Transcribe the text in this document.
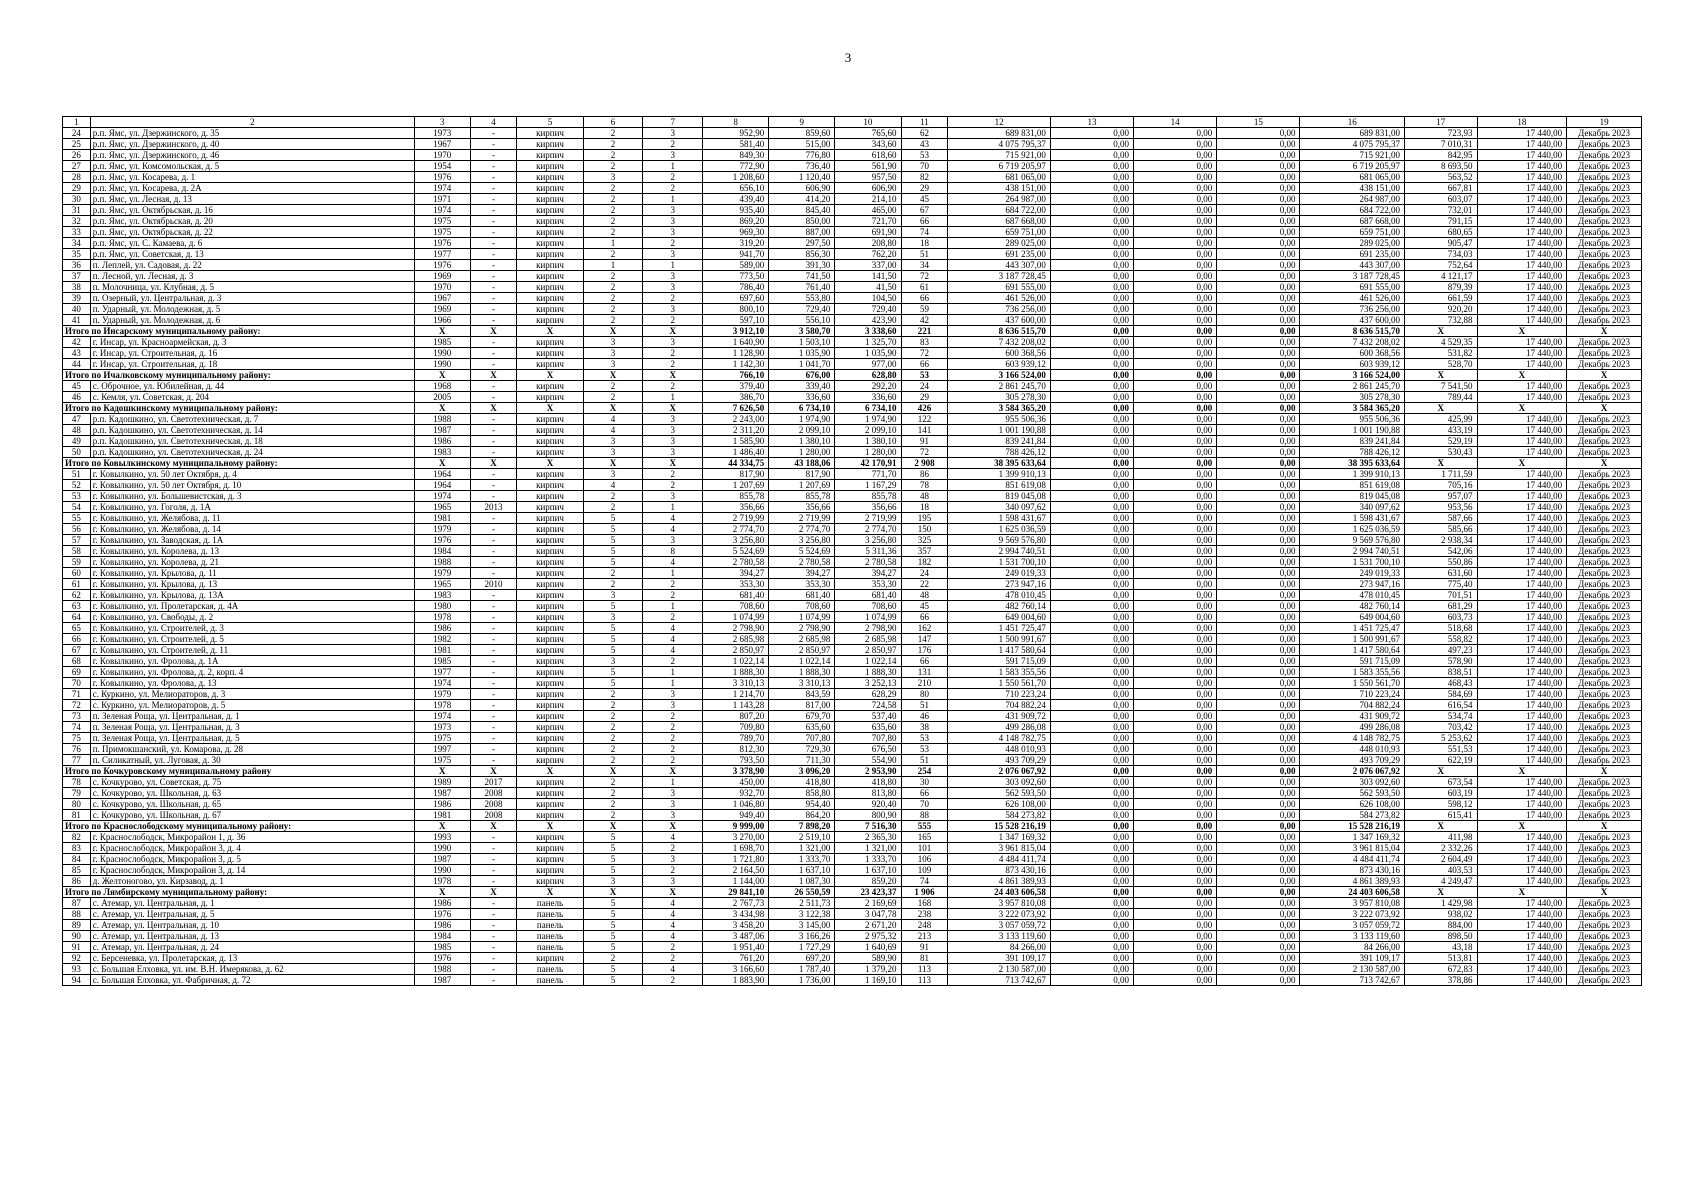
3
1	2	3	4	5	6	7	8	9	10	11	12	13	14	15	16	17	18	19
24	р.п. Ямс, ул. Дзержинского, д. 35	1973	-	кирпич	2	3	952,90	859,60	765,60	62	689 831,00	0,00	0,00	0,00	689 831,00	723,93	17 440,00	Декабрь 2023
25	р.п. Ямс, ул. Дзержинского, д. 40	1967	-	кирпич	2	2	581,40	515,00	343,60	43	4 075 795,37	0,00	0,00	0,00	4 075 795,37	7 010,31	17 440,00	Декабрь 2023
26	р.п. Ямс, ул. Дзержинского, д. 46	1970	-	кирпич	2	3	849,30	776,80	618,60	53	715 921,00	0,00	0,00	0,00	715 921,00	842,95	17 440,00	Декабрь 2023
27	р.п. Ямс, ул. Комсомольская, д. 5	1954	-	кирпич	2	1	772,90	736,40	561,90	70	6 719 205,97	0,00	0,00	0,00	6 719 205,97	8 693,50	17 440,00	Декабрь 2023
28	р.п. Ямс, ул. Косарева, д. 1	1976	-	кирпич	3	2	1 208,60	1 120,40	957,50	82	681 065,00	0,00	0,00	0,00	681 065,00	563,52	17 440,00	Декабрь 2023
29	р.п. Ямс, ул. Косарева, д. 2А	1974	-	кирпич	2	2	656,10	606,90	606,90	29	438 151,00	0,00	0,00	0,00	438 151,00	667,81	17 440,00	Декабрь 2023
30	р.п. Ямс, ул. Лесная, д. 13	1971	-	кирпич	2	1	439,40	414,20	214,10	45	264 987,00	0,00	0,00	0,00	264 987,00	603,07	17 440,00	Декабрь 2023
31	р.п. Ямс, ул. Октябрьская, д. 16	1974	-	кирпич	2	3	935,40	845,40	465,00	67	684 722,00	0,00	0,00	0,00	684 722,00	732,01	17 440,00	Декабрь 2023
32	р.п. Ямс, ул. Октябрьская, д. 20	1975	-	кирпич	2	3	869,20	850,00	721,70	66	687 668,00	0,00	0,00	0,00	687 668,00	791,15	17 440,00	Декабрь 2023
33	р.п. Ямс, ул. Октябрьская, д. 22	1975	-	кирпич	2	3	969,30	887,00	691,90	74	659 751,00	0,00	0,00	0,00	659 751,00	680,65	17 440,00	Декабрь 2023
34	р.п. Ямс, ул. С. Камаева, д. 6	1976	-	кирпич	1	2	319,20	297,50	208,80	18	289 025,00	0,00	0,00	0,00	289 025,00	905,47	17 440,00	Декабрь 2023
35	р.п. Ямс, ул. Советская, д. 13	1977	-	кирпич	2	3	941,70	856,30	762,20	51	691 235,00	0,00	0,00	0,00	691 235,00	734,03	17 440,00	Декабрь 2023
36	п. Леплей, ул. Садовая, д. 22	1976	-	кирпич	1	1	589,00	391,30	337,00	34	443 307,00	0,00	0,00	0,00	443 307,00	752,64	17 440,00	Декабрь 2023
37	п. Лесной, ул. Лесная, д. 3	1969	-	кирпич	2	3	773,50	741,50	141,50	72	3 187 728,45	0,00	0,00	0,00	3 187 728,45	4 121,17	17 440,00	Декабрь 2023
38	п. Молочница, ул. Клубная, д. 5	1970	-	кирпич	2	3	786,40	761,40	41,50	61	691 555,00	0,00	0,00	0,00	691 555,00	879,39	17 440,00	Декабрь 2023
39	п. Озерный, ул. Центральная, д. 3	1967	-	кирпич	2	2	697,60	553,80	104,50	66	461 526,00	0,00	0,00	0,00	461 526,00	661,59	17 440,00	Декабрь 2023
40	п. Ударный, ул. Молодежная, д. 5	1969	-	кирпич	2	3	800,10	729,40	729,40	59	736 256,00	0,00	0,00	0,00	736 256,00	920,20	17 440,00	Декабрь 2023
41	п. Ударный, ул. Молодежная, д. 6	1966	-	кирпич	2	2	597,10	556,10	423,90	42	437 600,00	0,00	0,00	0,00	437 600,00	732,88	17 440,00	Декабрь 2023
Итого по Инсарскому муниципальному району:		X	X	X	X	X	3 912,10	3 580,70	3 338,60	221	8 636 515,70	0,00	0,00	0,00	8 636 515,70	X	X	X
42	г. Инсар, ул. Красноармейская, д. 3	1985	-	кирпич	3	3	1 640,90	1 503,10	1 325,70	83	7 432 208,02	0,00	0,00	0,00	7 432 208,02	4 529,35	17 440,00	Декабрь 2023
43	г. Инсар, ул. Строительная, д. 16	1990	-	кирпич	3	2	1 128,90	1 035,90	1 035,90	72	600 368,56	0,00	0,00	0,00	600 368,56	531,82	17 440,00	Декабрь 2023
44	г. Инсар, ул. Строительная, д. 18	1990	-	кирпич	3	2	1 142,30	1 041,70	977,00	66	603 939,12	0,00	0,00	0,00	603 939,12	528,70	17 440,00	Декабрь 2023
Итого по Ичалковскому муниципальному району:		X	X	X	X	X	766,10	676,00	628,80	53	3 166 524,00	0,00	0,00	0,00	3 166 524,00	X	X	X
45	с. Оброчное, ул. Юбилейная, д. 44	1968	-	кирпич	2	2	379,40	339,40	292,20	24	2 861 245,70	0,00	0,00	0,00	2 861 245,70	7 541,50	17 440,00	Декабрь 2023
46	с. Кемля, ул. Советская, д. 204	2005	-	кирпич	2	1	386,70	336,60	336,60	29	305 278,30	0,00	0,00	0,00	305 278,30	789,44	17 440,00	Декабрь 2023
Итого по Кадошкинскому муниципальному району:		X	X	X	X	X	7 626,50	6 734,10	6 734,10	426	3 584 365,20	0,00	0,00	0,00	3 584 365,20	X	X	X
47	р.п. Кадошкино, ул. Светотехническая, д. 7	1988	-	кирпич	4	3	2 243,00	1 974,90	1 974,90	122	955 506,36	0,00	0,00	0,00	955 506,36	425,99	17 440,00	Декабрь 2023
48	р.п. Кадошкино, ул. Светотехническая, д. 14	1987	-	кирпич	4	3	2 311,20	2 099,10	2 099,10	141	1 001 190,88	0,00	0,00	0,00	1 001 190,88	433,19	17 440,00	Декабрь 2023
49	р.п. Кадошкино, ул. Светотехническая, д. 18	1986	-	кирпич	3	3	1 585,90	1 380,10	1 380,10	91	839 241,84	0,00	0,00	0,00	839 241,84	529,19	17 440,00	Декабрь 2023
50	р.п. Кадошкино, ул. Светотехническая, д. 24	1983	-	кирпич	3	3	1 486,40	1 280,00	1 280,00	72	788 426,12	0,00	0,00	0,00	788 426,12	530,43	17 440,00	Декабрь 2023
Итого по Ковылкинскому муниципальному району:		X	X	X	X	X	44 334,75	43 188,06	42 170,91	2 908	38 395 633,64	0,00	0,00	0,00	38 395 633,64	X	X	X
51	г. Ковылкино, ул. 50 лет Октября, д. 4	1964	-	кирпич	3	2	817,90	817,90	771,70	86	1 399 910,13	0,00	0,00	0,00	1 399 910,13	1 711,59	17 440,00	Декабрь 2023
52	г. Ковылкино, ул. 50 лет Октября, д. 10	1964	-	кирпич	4	2	1 207,69	1 207,69	1 167,29	78	851 619,08	0,00	0,00	0,00	851 619,08	705,16	17 440,00	Декабрь 2023
53	г. Ковылкино, ул. Большевистская, д. 3	1974	-	кирпич	2	3	855,78	855,78	855,78	48	819 045,08	0,00	0,00	0,00	819 045,08	957,07	17 440,00	Декабрь 2023
54	г. Ковылкино, ул. Гоголя, д. 1А	1965	2013	кирпич	2	1	356,66	356,66	356,66	18	340 097,62	0,00	0,00	0,00	340 097,62	953,56	17 440,00	Декабрь 2023
55	г. Ковылкино, ул. Желябова, д. 11	1981	-	кирпич	5	4	2 719,99	2 719,99	2 719,99	195	1 598 431,67	0,00	0,00	0,00	1 598 431,67	587,66	17 440,00	Декабрь 2023
56	г. Ковылкино, ул. Желябова, д. 14	1979	-	кирпич	5	4	2 774,70	2 774,70	2 774,70	150	1 625 036,59	0,00	0,00	0,00	1 625 036,59	585,66	17 440,00	Декабрь 2023
57	г. Ковылкино, ул. Заводская, д. 1А	1976	-	кирпич	5	3	3 256,80	3 256,80	3 256,80	325	9 569 576,80	0,00	0,00	0,00	9 569 576,80	2 938,34	17 440,00	Декабрь 2023
58	г. Ковылкино, ул. Королева, д. 13	1984	-	кирпич	5	8	5 524,69	5 524,69	5 311,36	357	2 994 740,51	0,00	0,00	0,00	2 994 740,51	542,06	17 440,00	Декабрь 2023
59	г. Ковылкино, ул. Королева, д. 21	1988	-	кирпич	5	4	2 780,58	2 780,58	2 780,58	182	1 531 700,10	0,00	0,00	0,00	1 531 700,10	550,86	17 440,00	Декабрь 2023
60	г. Ковылкино, ул. Крылова, д. 11	1979	-	кирпич	2	1	394,27	394,27	394,27	24	249 019,33	0,00	0,00	0,00	249 019,33	631,60	17 440,00	Декабрь 2023
61	г. Ковылкино, ул. Крылова, д. 13	1965	2010	кирпич	2	2	353,30	353,30	353,30	22	273 947,16	0,00	0,00	0,00	273 947,16	775,40	17 440,00	Декабрь 2023
62	г. Ковылкино, ул. Крылова, д. 13А	1983	-	кирпич	3	2	681,40	681,40	681,40	48	478 010,45	0,00	0,00	0,00	478 010,45	701,51	17 440,00	Декабрь 2023
63	г. Ковылкино, ул. Пролетарская, д. 4А	1980	-	кирпич	5	1	708,60	708,60	708,60	45	482 760,14	0,00	0,00	0,00	482 760,14	681,29	17 440,00	Декабрь 2023
64	г. Ковылкино, ул. Свободы, д. 2	1978	-	кирпич	3	2	1 074,99	1 074,99	1 074,99	66	649 004,60	0,00	0,00	0,00	649 004,60	603,73	17 440,00	Декабрь 2023
65	г. Ковылкино, ул. Строителей, д. 3	1986	-	кирпич	5	4	2 798,90	2 798,90	2 798,90	162	1 451 725,47	0,00	0,00	0,00	1 451 725,47	518,68	17 440,00	Декабрь 2023
66	г. Ковылкино, ул. Строителей, д. 5	1982	-	кирпич	5	4	2 685,98	2 685,98	2 685,98	147	1 500 991,67	0,00	0,00	0,00	1 500 991,67	558,82	17 440,00	Декабрь 2023
67	г. Ковылкино, ул. Строителей, д. 11	1981	-	кирпич	5	4	2 850,97	2 850,97	2 850,97	176	1 417 580,64	0,00	0,00	0,00	1 417 580,64	497,23	17 440,00	Декабрь 2023
68	г. Ковылкино, ул. Фролова, д. 1А	1985	-	кирпич	3	2	1 022,14	1 022,14	1 022,14	66	591 715,09	0,00	0,00	0,00	591 715,09	578,90	17 440,00	Декабрь 2023
69	г. Ковылкино, ул. Фролова, д. 2, корп. 4	1977	-	кирпич	5	1	1 888,30	1 888,30	1 888,30	131	1 583 355,56	0,00	0,00	0,00	1 583 355,56	838,51	17 440,00	Декабрь 2023
70	г. Ковылкино, ул. Фролова, д. 13	1974	-	кирпич	5	1	3 310,13	3 310,13	3 252,13	210	1 550 561,70	0,00	0,00	0,00	1 550 561,70	468,43	17 440,00	Декабрь 2023
71	с. Куркино, ул. Мелиораторов, д. 3	1979	-	кирпич	2	3	1 214,70	843,59	628,29	80	710 223,24	0,00	0,00	0,00	710 223,24	584,69	17 440,00	Декабрь 2023
72	с. Куркино, ул. Мелиораторов, д. 5	1978	-	кирпич	2	3	1 143,28	817,00	724,58	51	704 882,24	0,00	0,00	0,00	704 882,24	616,54	17 440,00	Декабрь 2023
73	п. Зеленая Роща, ул. Центральная, д. 1	1974	-	кирпич	2	2	807,20	679,70	537,40	46	431 909,72	0,00	0,00	0,00	431 909,72	534,74	17 440,00	Декабрь 2023
74	п. Зеленая Роща, ул. Центральная, д. 3	1973	-	кирпич	2	2	709,80	635,60	635,60	38	499 286,08	0,00	0,00	0,00	499 286,08	703,42	17 440,00	Декабрь 2023
75	п. Зеленая Роща, ул. Центральная, д. 5	1975	-	кирпич	2	2	789,70	707,80	707,80	53	4 148 782,75	0,00	0,00	0,00	4 148 782,75	5 253,62	17 440,00	Декабрь 2023
76	п. Примокшанский, ул. Комарова, д. 28	1997	-	кирпич	2	2	812,30	729,30	676,50	53	448 010,93	0,00	0,00	0,00	448 010,93	551,53	17 440,00	Декабрь 2023
77	п. Силикатный, ул. Луговая, д. 30	1975	-	кирпич	2	2	793,50	711,30	554,90	51	493 709,29	0,00	0,00	0,00	493 709,29	622,19	17 440,00	Декабрь 2023
Итого по Кочкуровскому муниципальному району		X	X	X	X	X	3 378,90	3 096,20	2 953,90	254	2 076 067,92	0,00	0,00	0,00	2 076 067,92	X	X	X
78	с. Кочкурово, ул. Советская, д. 75	1989	2017	кирпич	2	1	450,00	418,80	418,80	30	303 092,60	0,00	0,00	0,00	303 092,60	673,54	17 440,00	Декабрь 2023
79	с. Кочкурово, ул. Школьная, д. 63	1987	2008	кирпич	2	3	932,70	858,80	813,80	66	562 593,50	0,00	0,00	0,00	562 593,50	603,19	17 440,00	Декабрь 2023
80	с. Кочкурово, ул. Школьная, д. 65	1986	2008	кирпич	2	3	1 046,80	954,40	920,40	70	626 108,00	0,00	0,00	0,00	626 108,00	598,12	17 440,00	Декабрь 2023
81	с. Кочкурово, ул. Школьная, д. 67	1981	2008	кирпич	2	3	949,40	864,20	800,90	88	584 273,82	0,00	0,00	0,00	584 273,82	615,41	17 440,00	Декабрь 2023
Итого по Краснослободскому муниципальному району:		X	X	X	X	X	9 999,00	7 898,20	7 516,30	555	15 528 216,19	0,00	0,00	0,00	15 528 216,19	X	X	X
82	г. Краснослободск, Микрорайон 1, д. 36	1993	-	кирпич	5	4	3 270,00	2 519,10	2 365,30	165	1 347 169,32	0,00	0,00	0,00	1 347 169,32	411,98	17 440,00	Декабрь 2023
83	г. Краснослободск, Микрорайон 3, д. 4	1990	-	кирпич	5	2	1 698,70	1 321,00	1 321,00	101	3 961 815,04	0,00	0,00	0,00	3 961 815,04	2 332,26	17 440,00	Декабрь 2023
84	г. Краснослободск, Микрорайон 3, д. 5	1987	-	кирпич	5	3	1 721,80	1 333,70	1 333,70	106	4 484 411,74	0,00	0,00	0,00	4 484 411,74	2 604,49	17 440,00	Декабрь 2023
85	г. Краснослободск, Микрорайон 3, д. 14	1990	-	кирпич	5	2	2 164,50	1 637,10	1 637,10	109	873 430,16	0,00	0,00	0,00	873 430,16	403,53	17 440,00	Декабрь 2023
86	д. Желтоногово, ул. Кирзавод, д. 1	1978	-	кирпич	3	3	1 144,00	1 087,30	859,20	74	4 861 389,93	0,00	0,00	0,00	4 861 389,93	4 249,47	17 440,00	Декабрь 2023
Итого по Лямбирскому муниципальному району:		X	X	X	X	X	29 841,10	26 550,59	23 423,37	1 906	24 403 606,58	0,00	0,00	0,00	24 403 606,58	X	X	X
87	с. Атемар, ул. Центральная, д. 1	1986	-	панель	5	4	2 767,73	2 511,73	2 169,69	168	3 957 810,08	0,00	0,00	0,00	3 957 810,08	1 429,98	17 440,00	Декабрь 2023
88	с. Атемар, ул. Центральная, д. 5	1976	-	панель	5	4	3 434,98	3 122,38	3 047,78	238	3 222 073,92	0,00	0,00	0,00	3 222 073,92	938,02	17 440,00	Декабрь 2023
89	с. Атемар, ул. Центральная, д. 10	1986	-	панель	5	4	3 458,20	3 145,00	2 671,20	248	3 057 059,72	0,00	0,00	0,00	3 057 059,72	884,00	17 440,00	Декабрь 2023
90	с. Атемар, ул. Центральная, д. 13	1984	-	панель	5	4	3 487,06	3 166,26	2 975,32	213	3 133 119,60	0,00	0,00	0,00	3 133 119,60	898,50	17 440,00	Декабрь 2023
91	с. Атемар, ул. Центральная, д. 24	1985	-	панель	5	2	1 951,40	1 727,29	1 640,69	91	84 266,00	0,00	0,00	0,00	84 266,00	43,18	17 440,00	Декабрь 2023
92	с. Берсеневка, ул. Пролетарская, д. 13	1976	-	кирпич	2	2	761,20	697,20	589,90	81	391 109,17	0,00	0,00	0,00	391 109,17	513,81	17 440,00	Декабрь 2023
93	с. Большая Елховка, ул. им. В.Н. Имерякова, д. 62	1988	-	панель	5	4	3 166,60	1 787,40	1 379,20	113	2 130 587,00	0,00	0,00	0,00	2 130 587,00	672,83	17 440,00	Декабрь 2023
94	с. Большая Елховка, ул. Фабричная, д. 72	1987	-	панель	5	2	1 883,90	1 736,00	1 169,10	113	713 742,67	0,00	0,00	0,00	713 742,67	378,86	17 440,00	Декабрь 2023
